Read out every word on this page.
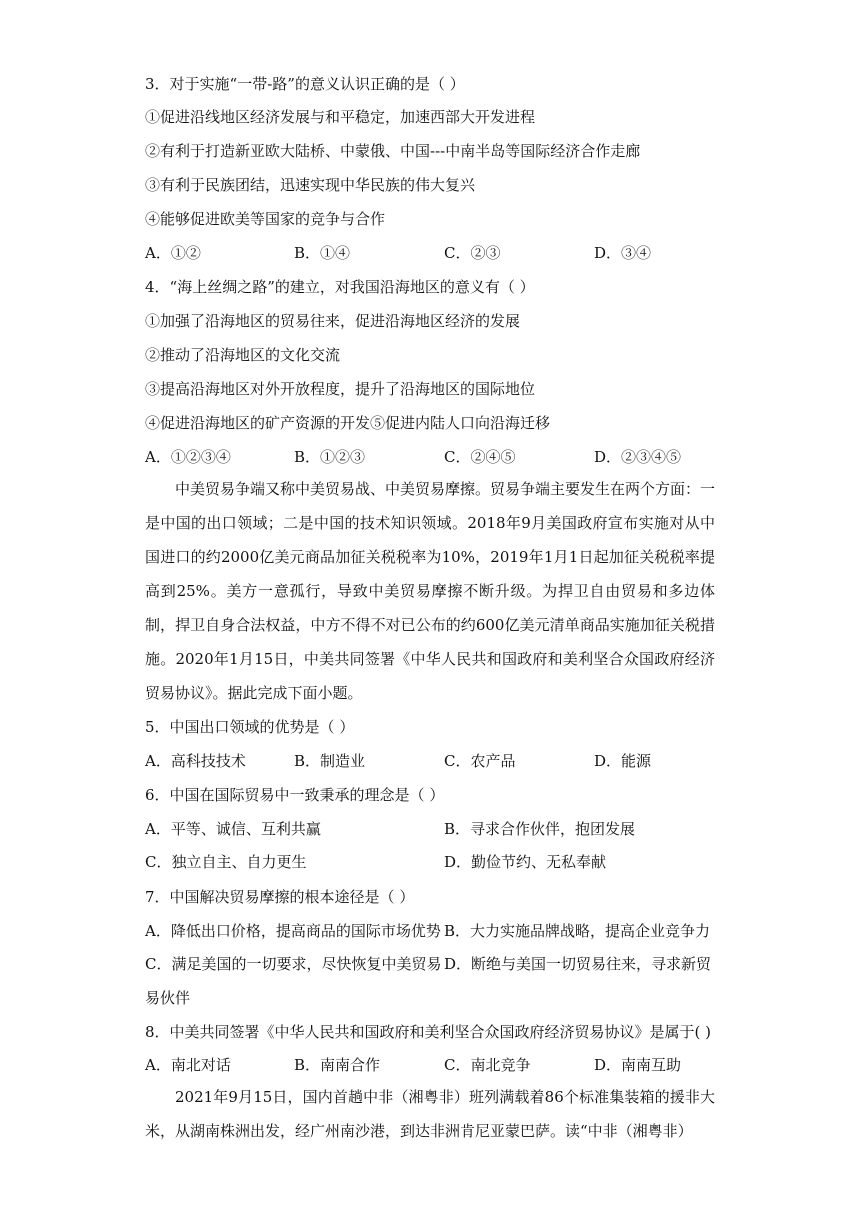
3．对于实施“一带-路”的意义认识正确的是（ ）
①促进沿线地区经济发展与和平稳定，加速西部大开发进程
②有利于打造新亚欧大陆桥、中蒙俄、中国---中南半岛等国际经济合作走廊
③有利于民族团结，迅速实现中华民族的伟大复兴
④能够促进欧美等国家的竞争与合作
A．①②	B．①④	C．②③	D．③④
4．“海上丝绸之路”的建立，对我国沿海地区的意义有（ ）
①加强了沿海地区的贸易往来，促进沿海地区经济的发展
②推动了沿海地区的文化交流
③提高沿海地区对外开放程度，提升了沿海地区的国际地位
④促进沿海地区的矿产资源的开发⑤促进内陆人口向沿海迁移
A．①②③④	B．①②③	C．②④⑤	D．②③④⑤
中美贸易争端又称中美贸易战、中美贸易摩擦。贸易争端主要发生在两个方面：一是中国的出口领域；二是中国的技术知识领域。2018年9月美国政府宣布实施对从中国进口的约2000亿美元商品加征关税税率为10%，2019年1月1日起加征关税税率提高到25%。美方一意孤行，导致中美贸易摩擦不断升级。为捍卫自由贸易和多边体制，捍卫自身合法权益，中方不得不对已公布的约600亿美元清单商品实施加征关税措施。2020年1月15日，中美共同签署《中华人民共和国政府和美利坚合众国政府经济贸易协议》。据此完成下面小题。
5．中国出口领域的优势是（ ）
A．高科技技术	B．制造业	C．农产品	D．能源
6．中国在国际贸易中一致秉承的理念是（ ）
A．平等、诚信、互利共赢	B．寻求合作伙伴，抱团发展
C．独立自主、自力更生	D．勤俭节约、无私奉献
7．中国解决贸易摩擦的根本途径是（ ）
A．降低出口价格，提高商品的国际市场优势 B．大力实施品牌战略，提高企业竞争力
C．满足美国的一切要求，尽快恢复中美贸易 D．断绝与美国一切贸易往来，寻求新贸
易伙伴
8．中美共同签署《中华人民共和国政府和美利坚合众国政府经济贸易协议》是属于( )
A．南北对话	B．南南合作	C．南北竞争	D．南南互助
2021年9月15日，国内首趟中非（湘粤非）班列满载着86个标准集装箱的援非大米，从湖南株洲出发，经广州南沙港，到达非洲肯尼亚蒙巴萨。读“中非（湘粤非）
